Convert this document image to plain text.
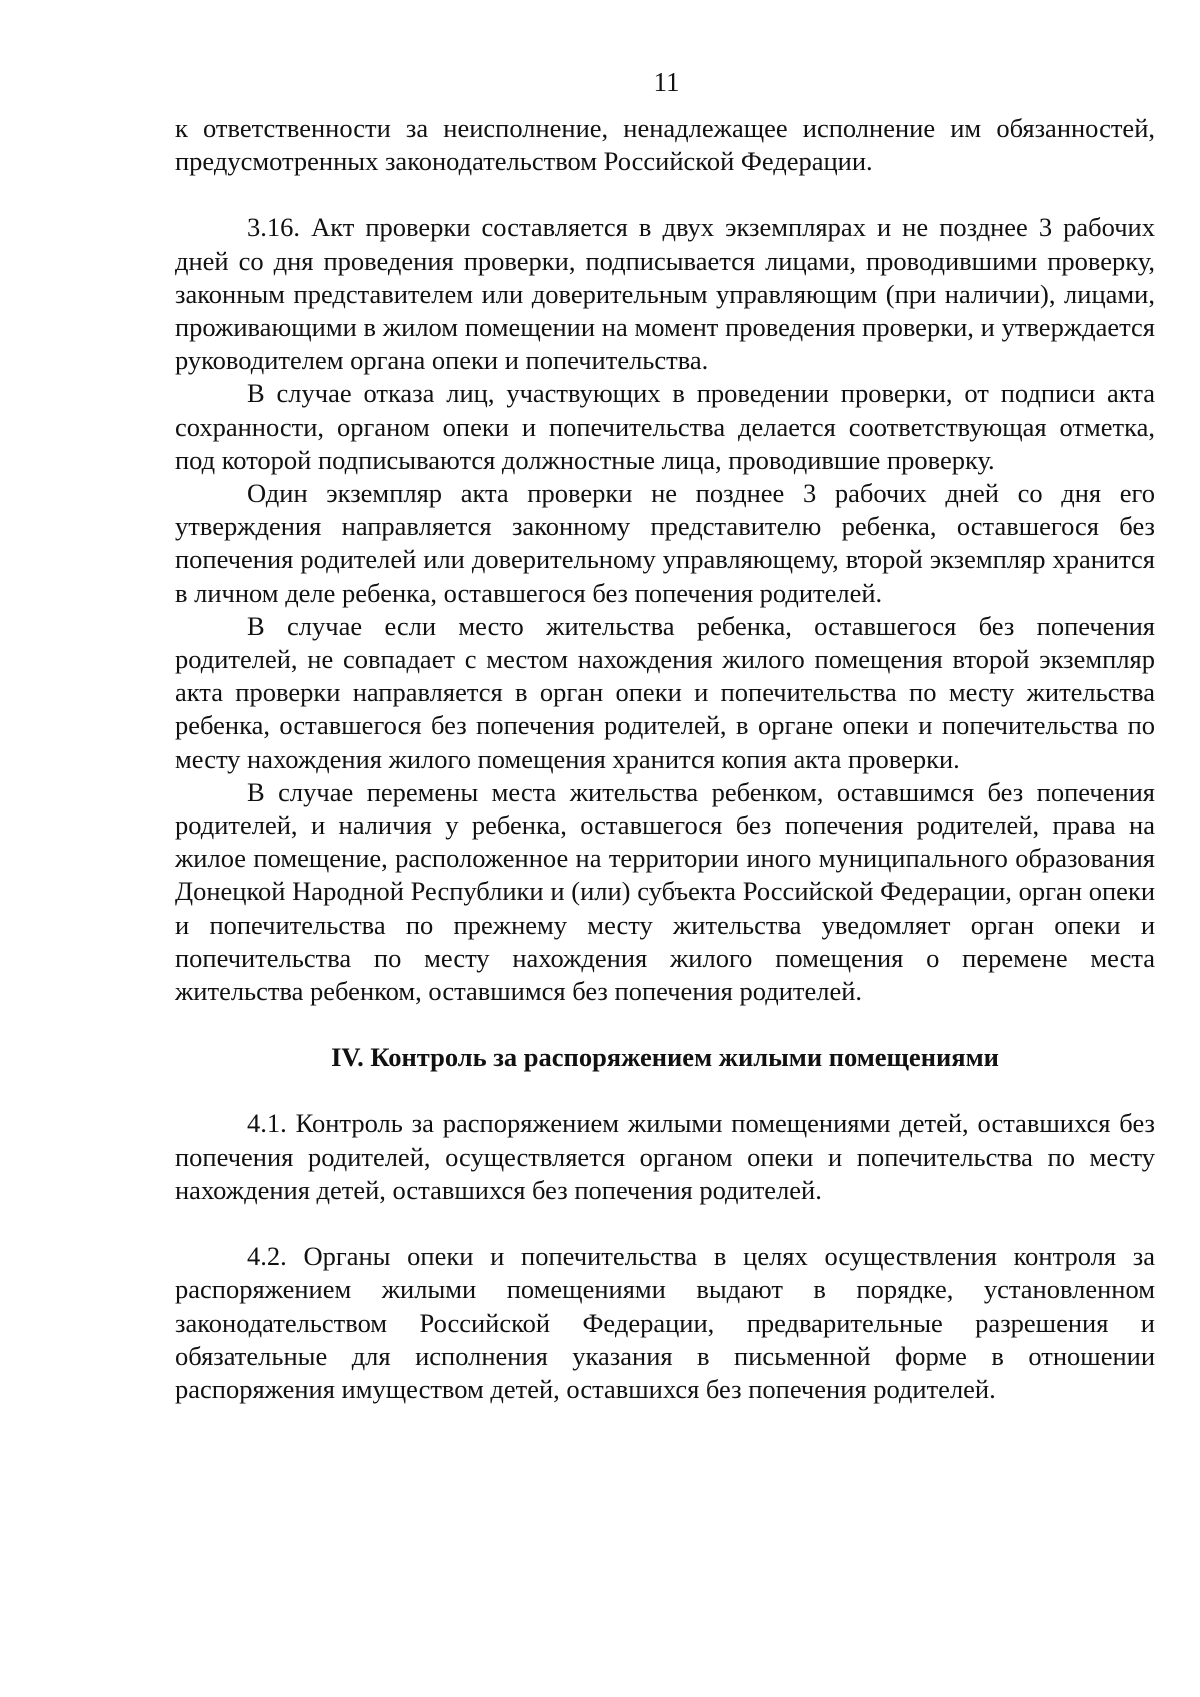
11

к ответственности за неисполнение, ненадлежащее исполнение им обязанностей, предусмотренных законодательством Российской Федерации.

3.16. Акт проверки составляется в двух экземплярах и не позднее 3 рабочих дней со дня проведения проверки, подписывается лицами, проводившими проверку, законным представителем или доверительным управляющим (при наличии), лицами, проживающими в жилом помещении на момент проведения проверки, и утверждается руководителем органа опеки и попечительства.

В случае отказа лиц, участвующих в проведении проверки, от подписи акта сохранности, органом опеки и попечительства делается соответствующая отметка, под которой подписываются должностные лица, проводившие проверку.

Один экземпляр акта проверки не позднее 3 рабочих дней со дня его утверждения направляется законному представителю ребенка, оставшегося без попечения родителей или доверительному управляющему, второй экземпляр хранится в личном деле ребенка, оставшегося без попечения родителей.

В случае если место жительства ребенка, оставшегося без попечения родителей, не совпадает с местом нахождения жилого помещения второй экземпляр акта проверки направляется в орган опеки и попечительства по месту жительства ребенка, оставшегося без попечения родителей, в органе опеки и попечительства по месту нахождения жилого помещения хранится копия акта проверки.

В случае перемены места жительства ребенком, оставшимся без попечения родителей, и наличия у ребенка, оставшегося без попечения родителей, права на жилое помещение, расположенное на территории иного муниципального образования Донецкой Народной Республики и (или) субъекта Российской Федерации, орган опеки и попечительства по прежнему месту жительства уведомляет орган опеки и попечительства по месту нахождения жилого помещения о перемене места жительства ребенком, оставшимся без попечения родителей.

IV. Контроль за распоряжением жилыми помещениями

4.1. Контроль за распоряжением жилыми помещениями детей, оставшихся без попечения родителей, осуществляется органом опеки и попечительства по месту нахождения детей, оставшихся без попечения родителей.

4.2. Органы опеки и попечительства в целях осуществления контроля за распоряжением жилыми помещениями выдают в порядке, установленном законодательством Российской Федерации, предварительные разрешения и обязательные для исполнения указания в письменной форме в отношении распоряжения имуществом детей, оставшихся без попечения родителей.
